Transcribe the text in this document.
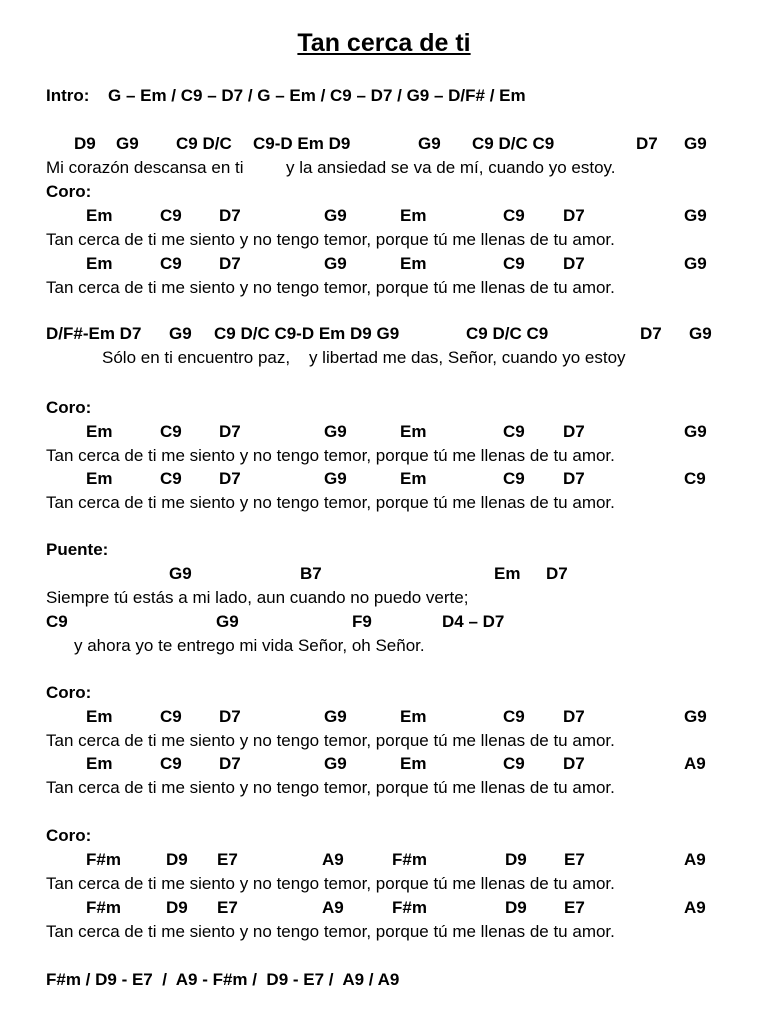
Tan cerca de ti
Intro: G – Em / C9 – D7 / G – Em / C9 – D7 / G9 – D/F# / Em
D9 G9 C9 D/C C9-D Em D9	G9 C9 D/C C9	D7 G9
Mi corazón descansa en ti         y la ansiedad se va de mí, cuando yo estoy.
Coro:
Em	C9 D7	G9	Em	C9 D7	G9
Tan cerca de ti me siento y no tengo temor, porque tú me llenas de tu amor.
Em	C9 D7	G9	Em	C9 D7	G9
Tan cerca de ti me siento y no tengo temor, porque tú me llenas de tu amor.
D/F#-Em D7 G9 C9 D/C C9-D Em D9 G9	C9 D/C C9	D7 G9
Sólo en ti encuentro paz,    y libertad me das, Señor, cuando yo estoy
Coro:
Em	C9 D7	G9	Em	C9 D7	G9
Tan cerca de ti me siento y no tengo temor, porque tú me llenas de tu amor.
Em	C9 D7	G9	Em	C9 D7	C9
Tan cerca de ti me siento y no tengo temor, porque tú me llenas de tu amor.
Puente:
G9	B7	Em D7
Siempre tú estás a mi lado, aun cuando no puedo verte;
C9	G9	F9	D4 – D7
y ahora yo te entrego mi vida Señor, oh Señor.
Coro:
Em	C9 D7	G9	Em	C9 D7	G9
Tan cerca de ti me siento y no tengo temor, porque tú me llenas de tu amor.
Em	C9 D7	G9	Em	C9 D7	A9
Tan cerca de ti me siento y no tengo temor, porque tú me llenas de tu amor.
Coro:
F#m	D9 E7	A9	F#m	D9 E7	A9
Tan cerca de ti me siento y no tengo temor, porque tú me llenas de tu amor.
F#m	D9 E7	A9	F#m	D9 E7	A9
Tan cerca de ti me siento y no tengo temor, porque tú me llenas de tu amor.
F#m / D9 - E7  /  A9 - F#m /  D9 - E7 /  A9 / A9
